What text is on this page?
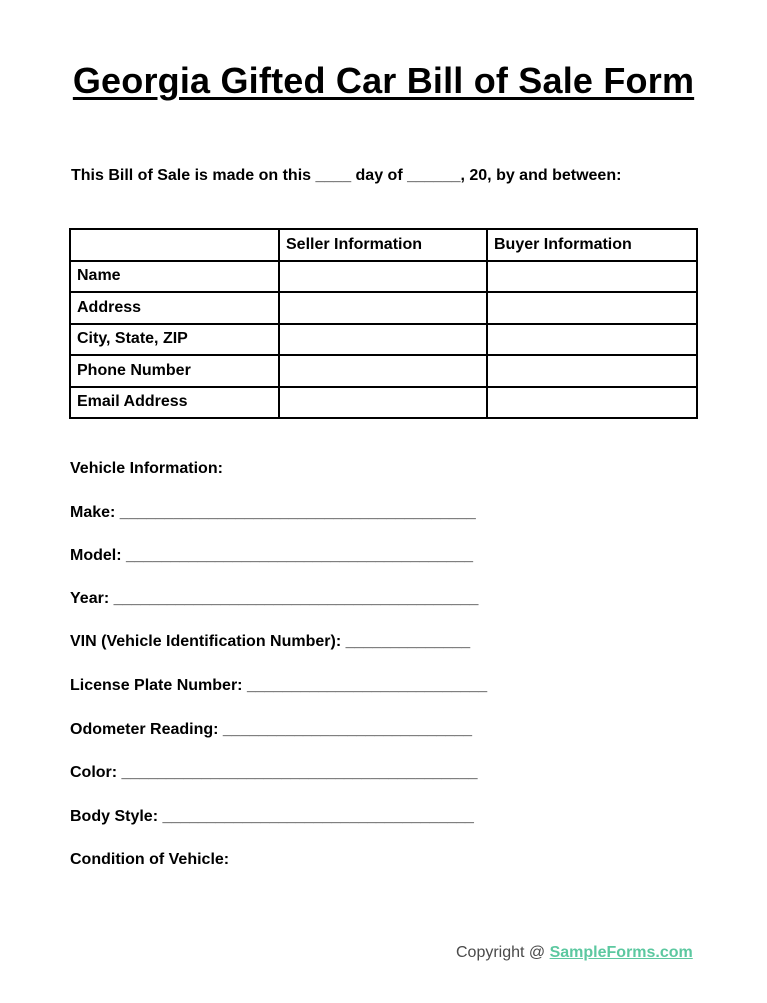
Georgia Gifted Car Bill of Sale Form
This Bill of Sale is made on this ____ day of ______, 20, by and between:
	Seller Information	Buyer Information
Name		
Address		
City, State, ZIP		
Phone Number		
Email Address		
Vehicle Information:
Make: ________________________________________
Model: _______________________________________
Year: _________________________________________
VIN (Vehicle Identification Number): ______________
License Plate Number: ___________________________
Odometer Reading: ____________________________
Color: ________________________________________
Body Style: ___________________________________
Condition of Vehicle:
Copyright @ SampleForms.com
